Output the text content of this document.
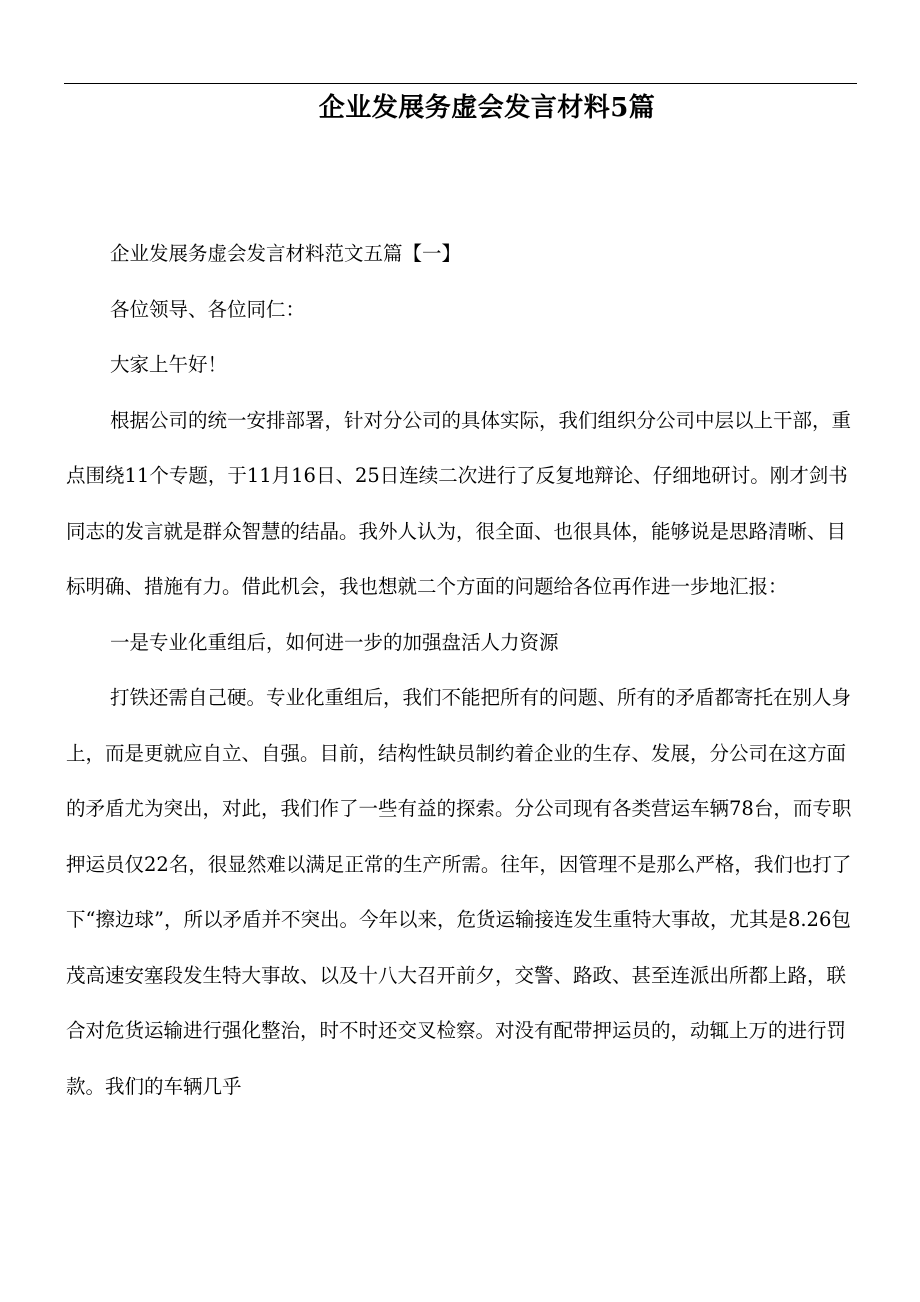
企业发展务虚会发言材料5篇

企业发展务虚会发言材料范文五篇【一】

各位领导、各位同仁：

大家上午好！

根据公司的统一安排部署，针对分公司的具体实际，我们组织分公司中层以上干部，重点围绕11个专题，于11月16日、25日连续二次进行了反复地辩论、仔细地研讨。刚才剑书同志的发言就是群众智慧的结晶。我外人认为，很全面、也很具体，能够说是思路清晰、目标明确、措施有力。借此机会，我也想就二个方面的问题给各位再作进一步地汇报：

一是专业化重组后，如何进一步的加强盘活人力资源

打铁还需自己硬。专业化重组后，我们不能把所有的问题、所有的矛盾都寄托在别人身上，而是更就应自立、自强。目前，结构性缺员制约着企业的生存、发展，分公司在这方面的矛盾尤为突出，对此，我们作了一些有益的探索。分公司现有各类营运车辆78台，而专职押运员仅22名，很显然难以满足正常的生产所需。往年，因管理不是那么严格，我们也打了下“擦边球”，所以矛盾并不突出。今年以来，危货运输接连发生重特大事故，尤其是8.26包茂高速安塞段发生特大事故、以及十八大召开前夕，交警、路政、甚至连派出所都上路，联合对危货运输进行强化整治，时不时还交叉检察。对没有配带押运员的，动辄上万的进行罚款。我们的车辆几乎
